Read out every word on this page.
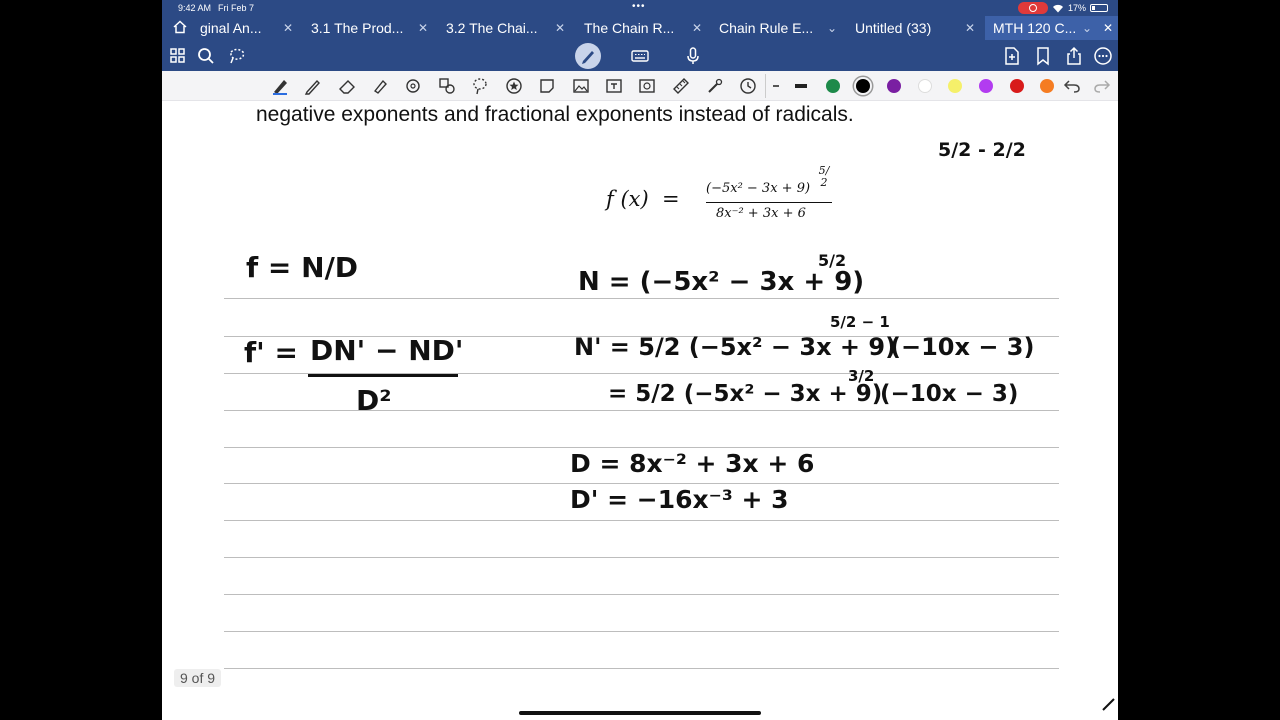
9:42 AM Fri Feb 7	•••	17%
ginal An... ✕ 3.1 The Prod... ✕ 3.2 The Chai... ✕ The Chain R... ✕ Chain Rule E... ⌄ Untitled (33)	✕ MTH 120 C... ⌄ ✕
negative exponents and fractional exponents instead of radicals.
f (x)  = (−5x² − 3x + 9)
5/2
8x⁻² + 3x + 6
5/2 - 2/2
f = N/D
f' = DN' − ND'
D²
N = (−5x² − 3x + 9)
5/2
N' = 5/2 (−5x² − 3x + 9)
5/2 − 1
(−10x − 3)
= 5/2 (−5x² − 3x + 9)
3/2
(−10x − 3)
D = 8x⁻² + 3x + 6
D' = −16x⁻³ + 3
9 of 9
